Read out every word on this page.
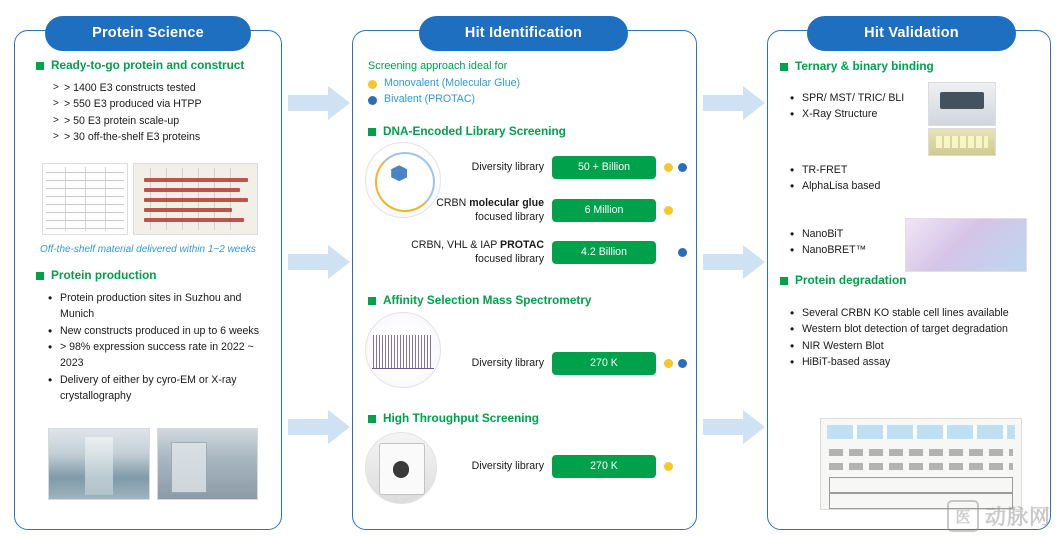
Protein Science
Ready-to-go protein and construct
> > 1400 E3 constructs tested
> > 550 E3 produced via HTPP
> > 50 E3 protein scale-up
> > 30 off-the-shelf E3 proteins
Off-the-shelf material delivered within 1~2 weeks
Protein production
• Protein production sites in Suzhou and Munich
• New constructs produced in up to 6 weeks
• > 98% expression success rate in 2022 ~ 2023
• Delivery of either by cyro-EM or X-ray crystallography
Hit Identification
Screening approach ideal for
Monovalent (Molecular Glue)
Bivalent (PROTAC)
DNA-Encoded Library Screening
Diversity library	50 + Billion
CRBN molecular glue
focused library
6 Million
CRBN, VHL & IAP PROTAC
focused library
4.2 Billion
Affinity Selection Mass Spectrometry
Diversity library	270 K
High Throughput Screening
Diversity library	270 K
Hit Validation
Ternary & binary binding
• SPR/ MST/ TRIC/ BLI
• X-Ray Structure
• TR-FRET
• AlphaLisa based
• NanoBiT
• NanoBRET™
Protein degradation
• Several CRBN KO stable cell lines available
• Western blot detection of target degradation
• NIR Western Blot
• HiBiT-based assay
医 动脉网
